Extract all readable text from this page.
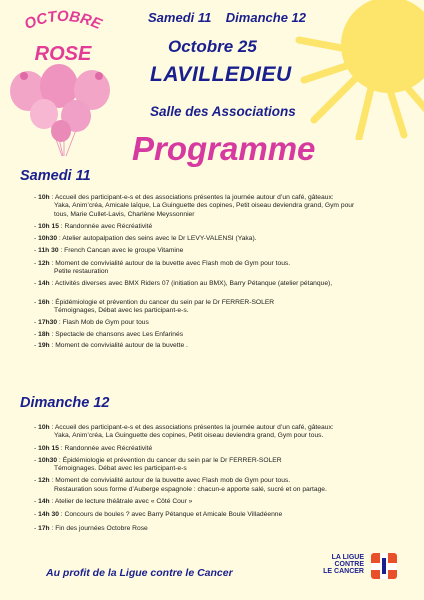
OCTOBRE
ROSE
Samedi 11    Dimanche 12
Octobre 25
LAVILLEDIEU
Salle des Associations
Programme
Samedi 11
- 10h : Accueil des participant-e-s et des associations présentes la journée autour d’un café, gâteaux:
Yaka, Anim’créa, Amicale laïque, La Guinguette des copines, Petit oiseau deviendra grand, Gym pour
tous, Marie Cullet-Lavis, Charlène Meyssonnier
- 10h 15 : Randonnée avec Récréativité
- 10h30 : Atelier autopalpation des seins avec le Dr LEVY-VALENSI (Yaka).
- 11h 30 : French Cancan avec le groupe Vitamine
- 12h : Moment de convivialité autour de la buvette avec Flash mob de Gym pour tous.
Petite restauration
- 14h : Activités diverses avec BMX Riders 07 (initiation au BMX), Barry Pétanque (atelier pétanque),
- 16h : Épidémiologie et prévention du cancer du sein par le Dr FERRER-SOLER
Témoignages, Débat avec les participant-e-s.
- 17h30 : Flash Mob de Gym pour tous
- 18h : Spectacle de chansons avec Les Enfarinés
- 19h : Moment de convivialité autour de la buvette .
Dimanche 12
- 10h : Accueil des participant-e-s et des associations présentes la journée autour d’un café, gâteaux:
Yaka, Anim’créa, La Guinguette des copines, Petit oiseau deviendra grand, Gym pour tous.
- 10h 15 : Randonnée avec Récréativité
- 10h30 : Épidémiologie et prévention du cancer du sein par le Dr FERRER-SOLER
Témoignages. Débat avec les participant-e-s
- 12h : Moment de convivialité autour de la buvette avec Flash mob de Gym pour tous.
Restauration sous forme d’Auberge espagnole : chacun-e apporte salé, sucré et on partage.
- 14h : Atelier de lecture théâtrale avec « Côté Cour »
- 14h 30 : Concours de boules ? avec Barry Pétanque et Amicale Boule Villadéenne
- 17h : Fin des journées Octobre Rose
Au profit de la Ligue contre le Cancer
LA LIGUE
CONTRE
LE CANCER
